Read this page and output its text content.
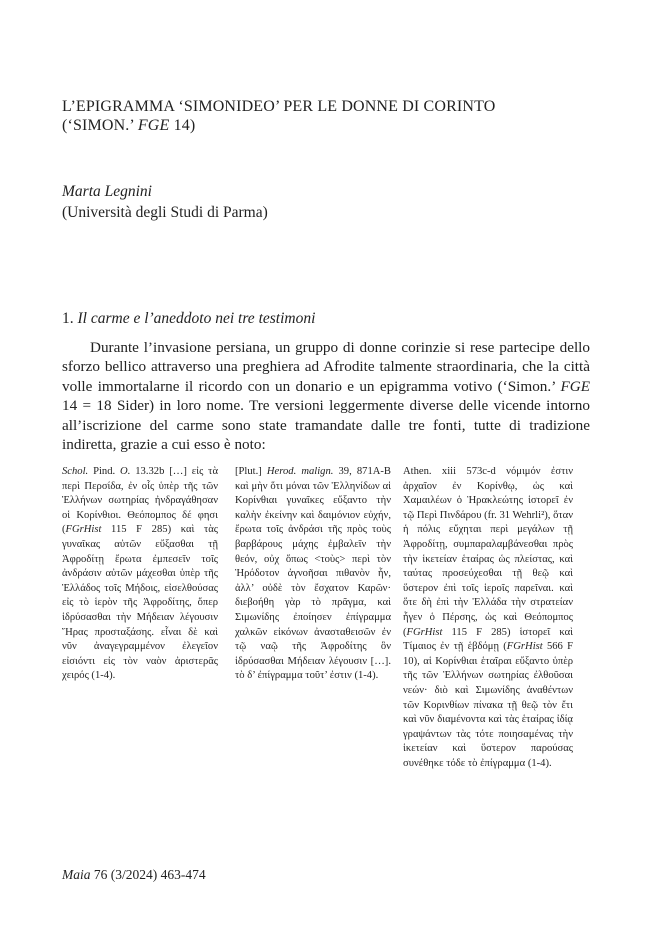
L’EPIGRAMMA ‘SIMONIDEO’ PER LE DONNE DI CORINTO
(‘SIMON.’ FGE 14)
Marta Legnini
(Università degli Studi di Parma)
1. Il carme e l’aneddoto nei tre testimoni
Durante l’invasione persiana, un gruppo di donne corinzie si rese partecipe dello sforzo bellico attraverso una preghiera ad Afrodite talmente straordinaria, che la città volle immortalarne il ricordo con un donario e un epigramma votivo (‘Simon.’ FGE 14 = 18 Sider) in loro nome. Tre versioni leggermente diverse delle vicende intorno all’iscrizione del carme sono state tramandate dalle tre fonti, tutte di tradizione indiretta, grazie a cui esso è noto:

Schol. Pind. O. 13.32b […] εἰς τὰ περὶ Περσίδα, ἐν οἷς ὑπὲρ τῆς τῶν Ἑλλήνων σωτηρίας ἠνδραγάθησαν οἱ Κορίνθιοι. Θεόπομπος δέ φησι (FGrHist 115 F 285) καὶ τὰς γυναῖκας αὐτῶν εὔξασθαι τῇ Ἀφροδίτῃ ἔρωτα ἐμπεσεῖν τοῖς ἀνδράσιν αὐτῶν μάχεσθαι ὑπὲρ τῆς Ἑλλάδος τοῖς Μήδοις, εἰσελθούσας εἰς τὸ ἱερὸν τῆς Ἀφροδίτης, ὅπερ ἱδρύσασθαι τὴν Μήδειαν λέγουσιν Ἥρας προσταξάσης. εἶναι δὲ καὶ νῦν ἀναγεγραμμένον ἐλεγεῖον εἰσιόντι εἰς τὸν ναὸν ἀριστερᾶς χειρός (1-4).

[Plut.] Herod. malign. 39, 871A-B καὶ μὴν ὅτι μόναι τῶν Ἑλληνίδων αἱ Κορίνθιαι γυναῖκες εὔξαντο τὴν καλὴν ἐκείνην καὶ δαιμόνιον εὐχήν, ἔρωτα τοῖς ἀνδράσι τῆς πρὸς τοὺς βαρβάρους μάχης ἐμβαλεῖν τὴν θεόν, οὐχ ὅπως <τοὺς> περὶ τὸν Ἡρόδοτον ἀγνοῆσαι πιθανὸν ἦν, ἀλλ’ οὐδὲ τὸν ἔσχατον Καρῶν· διεβοήθη γὰρ τὸ πρᾶγμα, καὶ Σιμωνίδης ἐποίησεν ἐπίγραμμα χαλκῶν εἰκόνων ἀνασταθεισῶν ἐν τῷ ναῷ τῆς Ἀφροδίτης ὃν ἱδρύσασθαι Μήδειαν λέγουσιν […]. τὸ δ’ ἐπίγραμμα τοῦτ’ ἐστιν (1-4).

Athen. xiii 573c-d νόμιμόν ἐστιν ἀρχαῖον ἐν Κορίνθῳ, ὡς καὶ Χαμαιλέων ὁ Ἡρακλεώτης ἱστορεῖ ἐν τῷ Περὶ Πινδάρου (fr. 31 Wehrli²), ὅταν ἡ πόλις εὔχηται περὶ μεγάλων τῇ Ἀφροδίτῃ, συμπαραλαμβάνεσθαι πρὸς τὴν ἱκετείαν ἑταίρας ὡς πλείστας, καὶ ταύτας προσεύχεσθαι τῇ θεῷ καὶ ὕστερον ἐπὶ τοῖς ἱεροῖς παρεῖναι. καὶ ὅτε δὴ ἐπὶ τὴν Ἑλλάδα τὴν στρατείαν ἦγεν ὁ Πέρσης, ὡς καὶ Θεόπομπος (FGrHist 115 F 285) ἱστορεῖ καὶ Τίμαιος ἐν τῇ ἑβδόμῃ (FGrHist 566 F 10), αἱ Κορίνθιαι ἑταῖραι εὔξαντο ὑπὲρ τῆς τῶν Ἑλλήνων σωτηρίας ἐλθοῦσαι νεών· διὸ καὶ Σιμωνίδης ἀναθέντων τῶν Κορινθίων πίνακα τῇ θεῷ τὸν ἔτι καὶ νῦν διαμένοντα καὶ τὰς ἑταίρας ἰδίᾳ γραψάντων τὰς τότε ποιησαμένας τὴν ἱκετείαν καὶ ὕστερον παρούσας συνέθηκε τόδε τὸ ἐπίγραμμα (1-4).

Maia 76 (3/2024) 463-474
